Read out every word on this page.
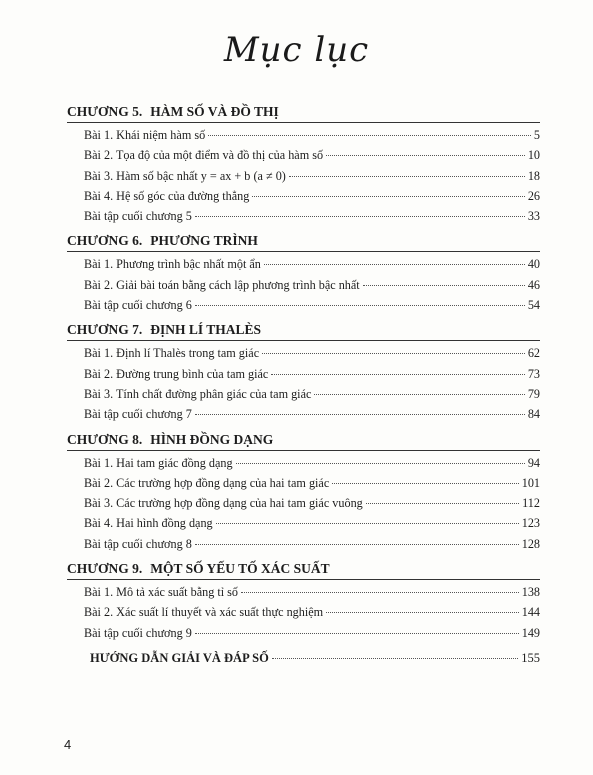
Mục lục
CHƯƠNG 5. HÀM SỐ VÀ ĐỒ THỊ
Bài 1. Khái niệm hàm số	5
Bài 2. Tọa độ của một điểm và đồ thị của hàm số	10
Bài 3. Hàm số bậc nhất y = ax + b (a ≠ 0)	18
Bài 4. Hệ số góc của đường thẳng	26
Bài tập cuối chương 5	33
CHƯƠNG 6. PHƯƠNG TRÌNH
Bài 1. Phương trình bậc nhất một ẩn	40
Bài 2. Giải bài toán bằng cách lập phương trình bậc nhất	46
Bài tập cuối chương 6	54
CHƯƠNG 7. ĐỊNH LÍ THALÈS
Bài 1. Định lí Thalès trong tam giác	62
Bài 2. Đường trung bình của tam giác	73
Bài 3. Tính chất đường phân giác của tam giác	79
Bài tập cuối chương 7	84
CHƯƠNG 8. HÌNH ĐỒNG DẠNG
Bài 1. Hai tam giác đồng dạng	94
Bài 2. Các trường hợp đồng dạng của hai tam giác	101
Bài 3. Các trường hợp đồng dạng của hai tam giác vuông	112
Bài 4. Hai hình đồng dạng	123
Bài tập cuối chương 8	128
CHƯƠNG 9. MỘT SỐ YẾU TỐ XÁC SUẤT
Bài 1. Mô tả xác suất bằng tỉ số	138
Bài 2. Xác suất lí thuyết và xác suất thực nghiệm	144
Bài tập cuối chương 9	149
HƯỚNG DẪN GIẢI VÀ ĐÁP SỐ	155
4
